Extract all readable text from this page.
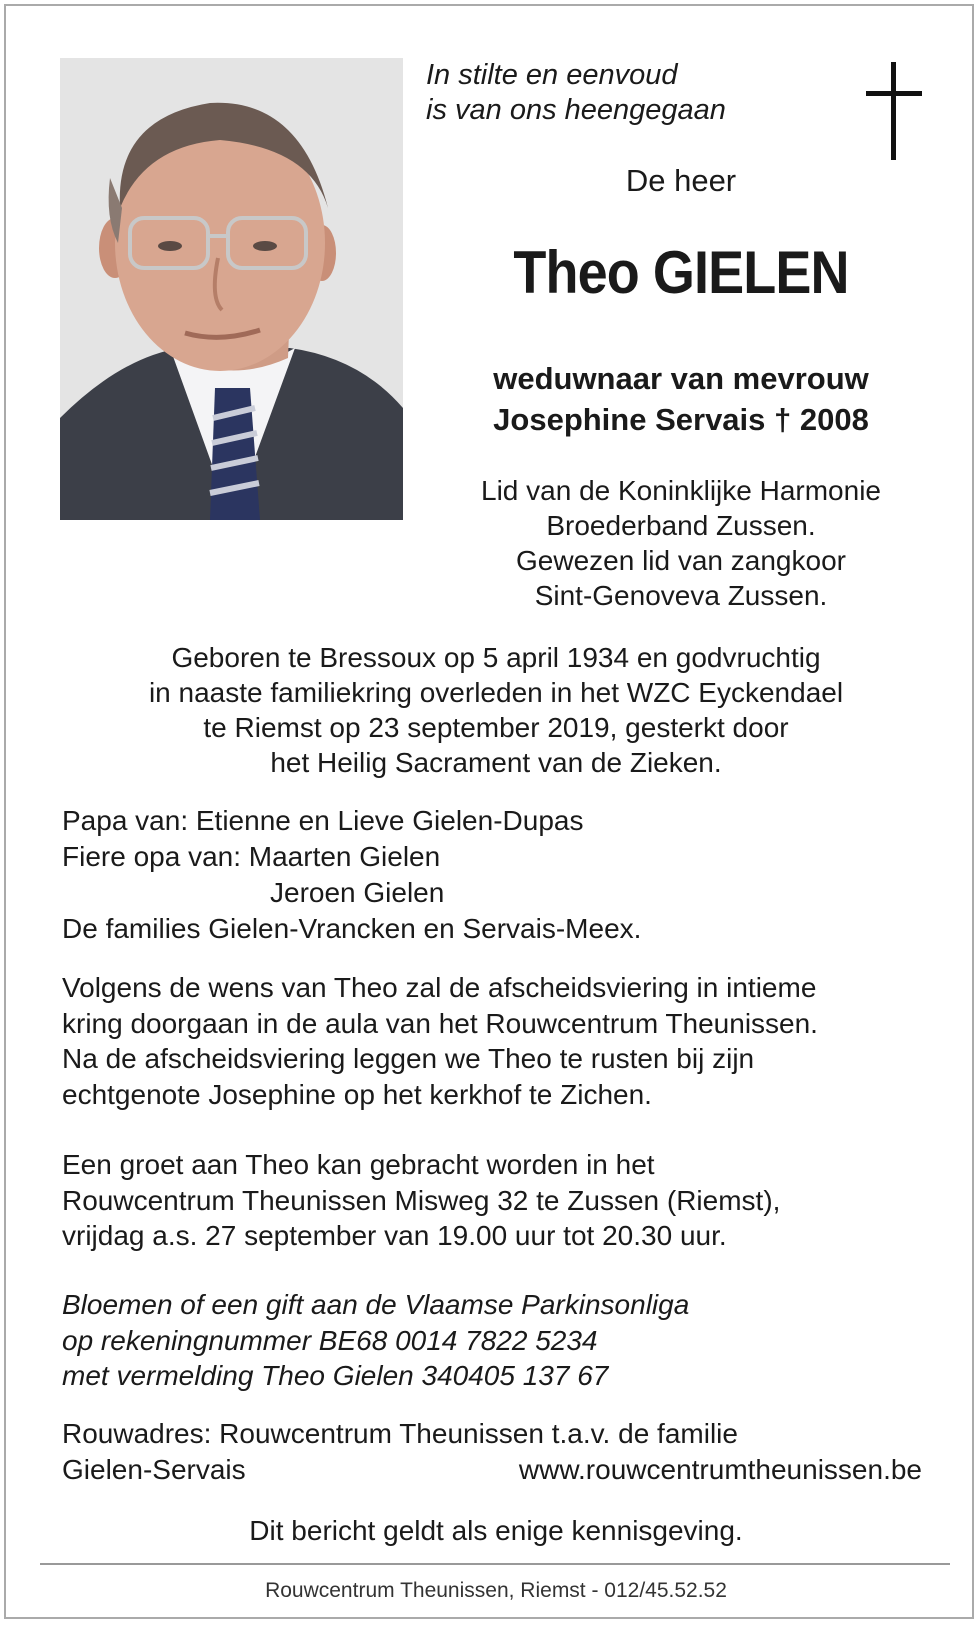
In stilte en eenvoud
is van ons heengegaan
De heer
Theo GIELEN
weduwnaar van mevrouw
Josephine Servais † 2008
Lid van de Koninklijke Harmonie
Broederband Zussen.
Gewezen lid van zangkoor
Sint-Genoveva Zussen.
Geboren te Bressoux op 5 april 1934 en godvruchtig
in naaste familiekring overleden in het WZC Eyckendael
te Riemst op 23 september 2019, gesterkt door
het Heilig Sacrament van de Zieken.
Papa van: Etienne en Lieve Gielen-Dupas
Fiere opa van: Maarten Gielen
Jeroen Gielen
De families Gielen-Vrancken en Servais-Meex.
Volgens de wens van Theo zal de afscheidsviering in intieme
kring doorgaan in de aula van het Rouwcentrum Theunissen.
Na de afscheidsviering leggen we Theo te rusten bij zijn
echtgenote Josephine op het kerkhof te Zichen.
Een groet aan Theo kan gebracht worden in het
Rouwcentrum Theunissen Misweg 32 te Zussen (Riemst),
vrijdag a.s. 27 september van 19.00 uur tot 20.30 uur.
Bloemen of een gift aan de Vlaamse Parkinsonliga
op rekeningnummer BE68 0014 7822 5234
met vermelding Theo Gielen 340405 137 67
Rouwadres: Rouwcentrum Theunissen t.a.v. de familie
Gielen-Servais	www.rouwcentrumtheunissen.be
Dit bericht geldt als enige kennisgeving.
Rouwcentrum Theunissen, Riemst - 012/45.52.52
